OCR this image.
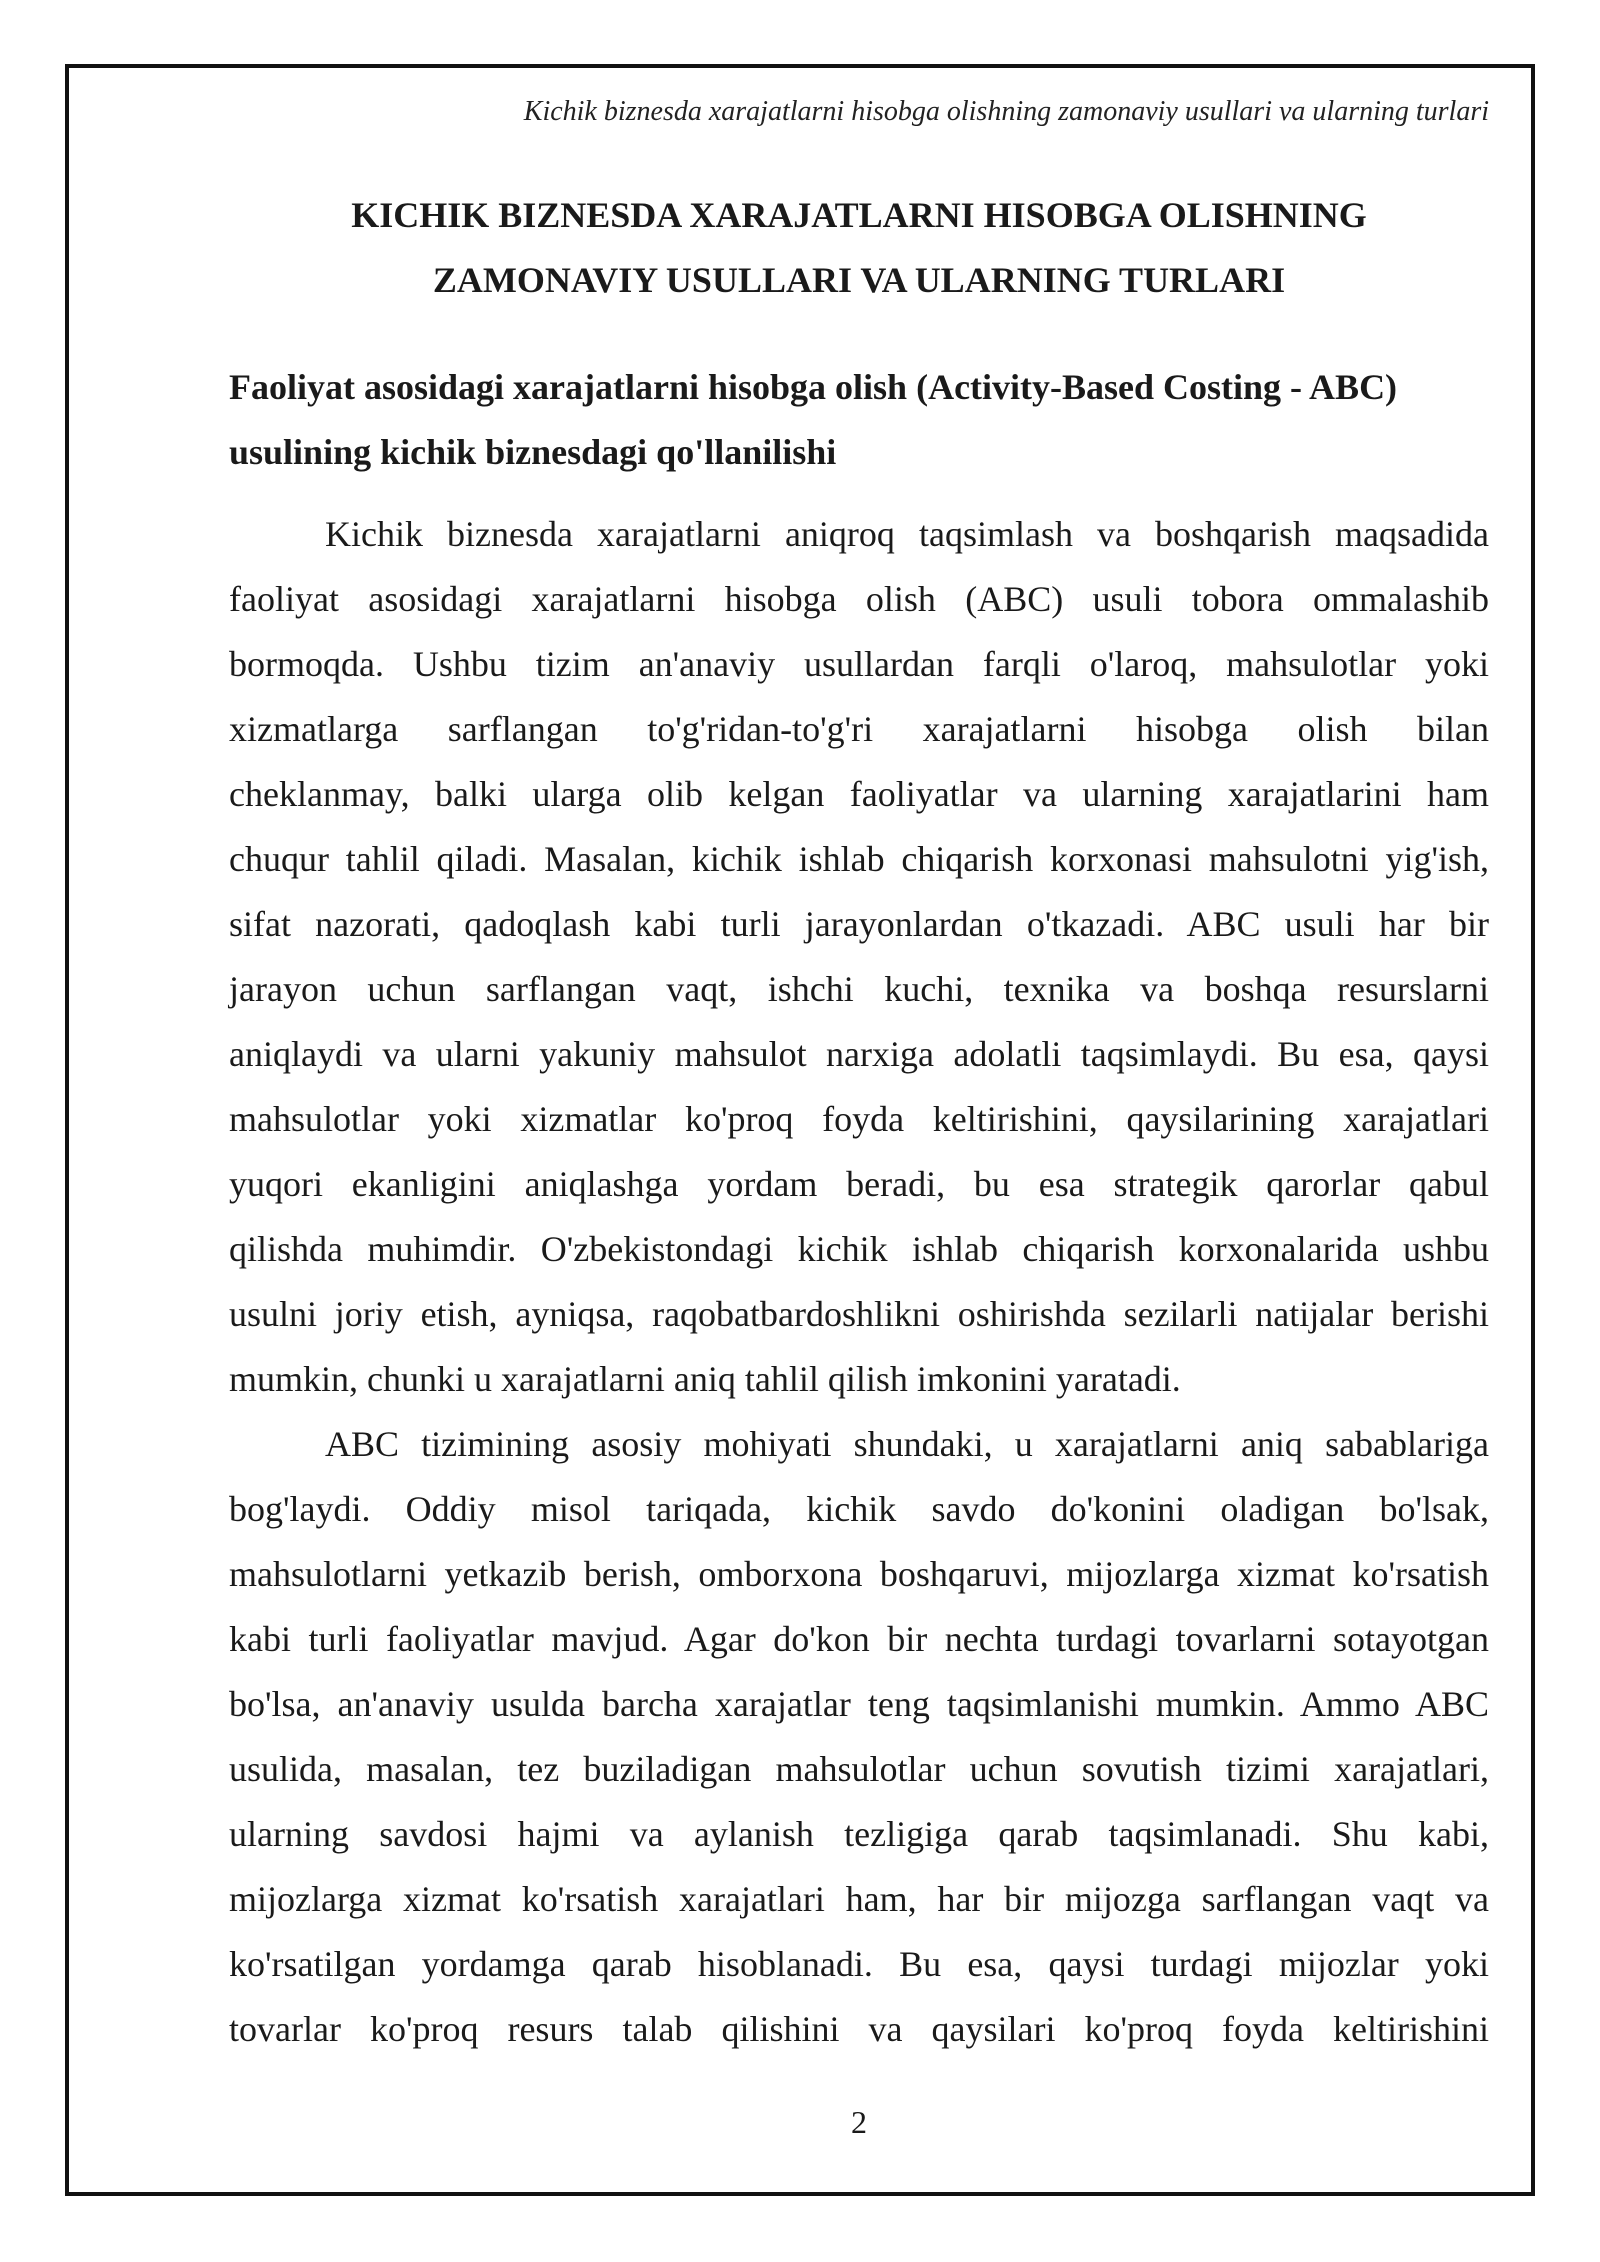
Kichik biznesda xarajatlarni hisobga olishning zamonaviy usullari va ularning turlari
KICHIK BIZNESDA XARAJATLARNI HISOBGA OLISHNING
ZAMONAVIY USULLARI VA ULARNING TURLARI
Faoliyat asosidagi xarajatlarni hisobga olish (Activity-Based Costing - ABC)
usulining kichik biznesdagi qo'llanilishi
Kichik biznesda xarajatlarni aniqroq taqsimlash va boshqarish maqsadida
faoliyat asosidagi xarajatlarni hisobga olish (ABC) usuli tobora ommalashib
bormoqda. Ushbu tizim an'anaviy usullardan farqli o'laroq, mahsulotlar yoki
xizmatlarga sarflangan to'g'ridan-to'g'ri xarajatlarni hisobga olish bilan
cheklanmay, balki ularga olib kelgan faoliyatlar va ularning xarajatlarini ham
chuqur tahlil qiladi. Masalan, kichik ishlab chiqarish korxonasi mahsulotni yig'ish,
sifat nazorati, qadoqlash kabi turli jarayonlardan o'tkazadi. ABC usuli har bir
jarayon uchun sarflangan vaqt, ishchi kuchi, texnika va boshqa resurslarni
aniqlaydi va ularni yakuniy mahsulot narxiga adolatli taqsimlaydi. Bu esa, qaysi
mahsulotlar yoki xizmatlar ko'proq foyda keltirishini, qaysilarining xarajatlari
yuqori ekanligini aniqlashga yordam beradi, bu esa strategik qarorlar qabul
qilishda muhimdir. O'zbekistondagi kichik ishlab chiqarish korxonalarida ushbu
usulni joriy etish, ayniqsa, raqobatbardoshlikni oshirishda sezilarli natijalar berishi
mumkin, chunki u xarajatlarni aniq tahlil qilish imkonini yaratadi.
ABC tizimining asosiy mohiyati shundaki, u xarajatlarni aniq sabablariga
bog'laydi. Oddiy misol tariqada, kichik savdo do'konini oladigan bo'lsak,
mahsulotlarni yetkazib berish, omborxona boshqaruvi, mijozlarga xizmat ko'rsatish
kabi turli faoliyatlar mavjud. Agar do'kon bir nechta turdagi tovarlarni sotayotgan
bo'lsa, an'anaviy usulda barcha xarajatlar teng taqsimlanishi mumkin. Ammo ABC
usulida, masalan, tez buziladigan mahsulotlar uchun sovutish tizimi xarajatlari,
ularning savdosi hajmi va aylanish tezligiga qarab taqsimlanadi. Shu kabi,
mijozlarga xizmat ko'rsatish xarajatlari ham, har bir mijozga sarflangan vaqt va
ko'rsatilgan yordamga qarab hisoblanadi. Bu esa, qaysi turdagi mijozlar yoki
tovarlar ko'proq resurs talab qilishini va qaysilari ko'proq foyda keltirishini
2
